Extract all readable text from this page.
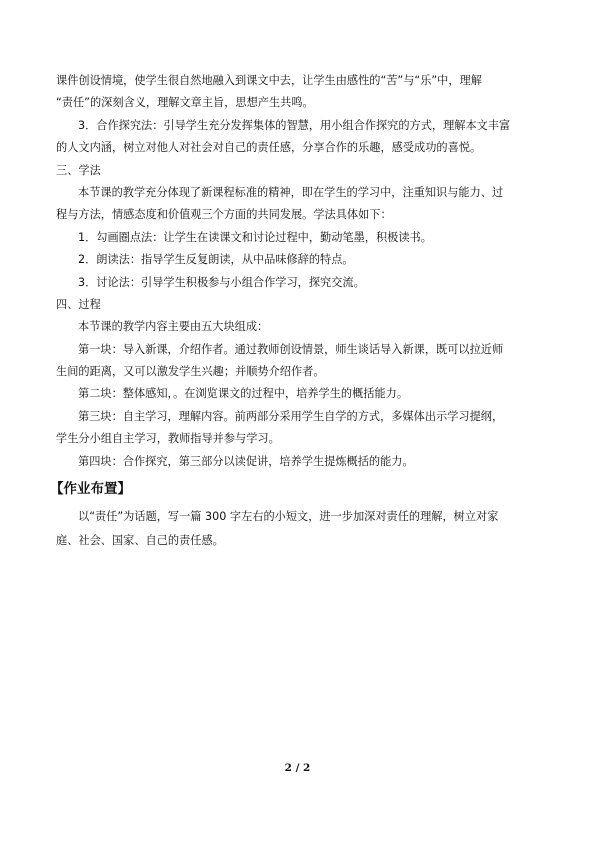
课件创设情境，使学生很自然地融入到课文中去，让学生由感性的“苦”与“乐”中，理解
“责任”的深刻含义，理解文章主旨，思想产生共鸣。
3．合作探究法：引导学生充分发挥集体的智慧，用小组合作探究的方式，理解本文丰富
的人文内涵，树立对他人对社会对自己的责任感，分享合作的乐趣，感受成功的喜悦。
三、学法
本节课的教学充分体现了新课程标准的精神，即在学生的学习中，注重知识与能力、过
程与方法，情感态度和价值观三个方面的共同发展。学法具体如下：
1．勾画圈点法：让学生在读课文和讨论过程中，勤动笔墨，积极读书。
2．朗读法：指导学生反复朗读，从中品味修辞的特点。
3．讨论法：引导学生积极参与小组合作学习，探究交流。
四、过程
本节课的教学内容主要由五大块组成：
第一块：导入新课，介绍作者。通过教师创设情景，师生谈话导入新课，既可以拉近师
生间的距离，又可以激发学生兴趣；并顺势介绍作者。
第二块：整体感知，。在浏览课文的过程中，培养学生的概括能力。
第三块：自主学习，理解内容。前两部分采用学生自学的方式，多媒体出示学习提纲，
学生分小组自主学习，教师指导并参与学习。
第四块：合作探究，第三部分以读促讲，培养学生提炼概括的能力。
【作业布置】
以“责任”为话题，写一篇 300 字左右的小短文，进一步加深对责任的理解，树立对家
庭、社会、国家、自己的责任感。
2 / 2
